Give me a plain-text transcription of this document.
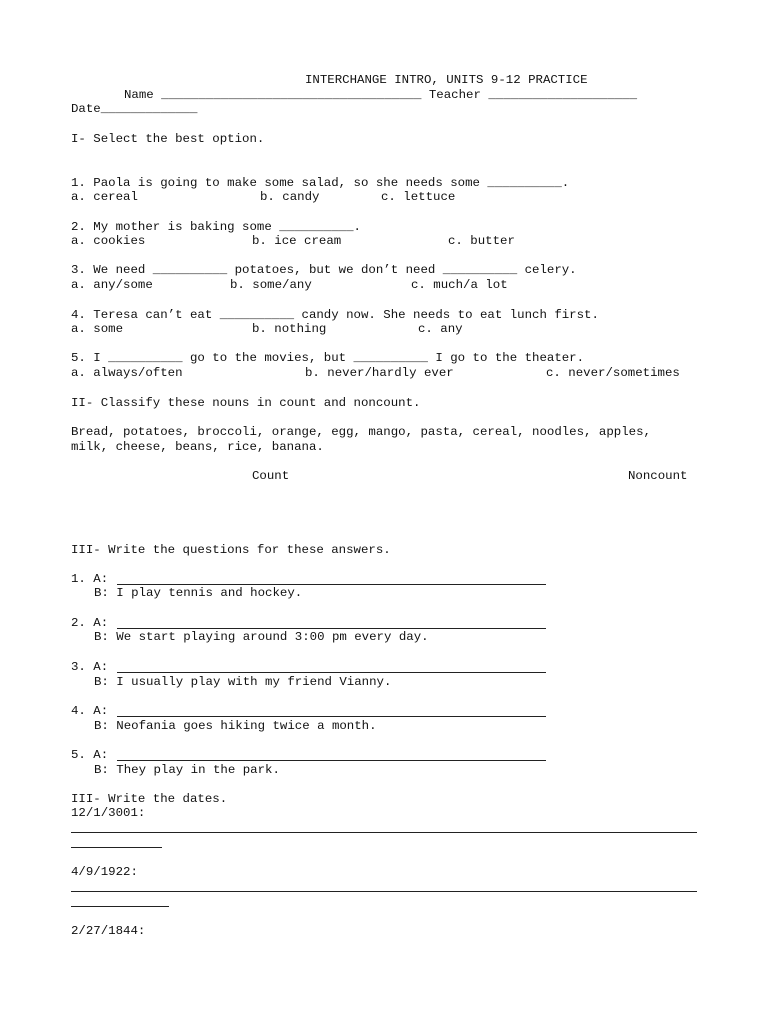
INTERCHANGE INTRO, UNITS 9-12 PRACTICE
Name ___________________________________ Teacher ____________________
Date_____________
I- Select the best option.
1. Paola is going to make some salad, so she needs some __________.
a. cereal	b. candy	c. lettuce
2. My mother is baking some __________.
a. cookies	b. ice cream	c. butter
3. We need __________ potatoes, but we don’t need __________ celery.
a. any/some	b. some/any	c. much/a lot
4. Teresa can’t eat __________ candy now. She needs to eat lunch first.
a. some	b. nothing	c. any
5. I __________ go to the movies, but __________ I go to the theater.
a. always/often	b. never/hardly ever	c. never/sometimes
II- Classify these nouns in count and noncount.
Bread, potatoes, broccoli, orange, egg, mango, pasta, cereal, noodles, apples,
milk, cheese, beans, rice, banana.
Count	Noncount
III- Write the questions for these answers.
1. A:
B: I play tennis and hockey.
2. A:
B: We start playing around 3:00 pm every day.
3. A:
B: I usually play with my friend Vianny.
4. A:
B: Neofania goes hiking twice a month.
5. A:
B: They play in the park.
III- Write the dates.
12/1/3001:
4/9/1922:
2/27/1844:
